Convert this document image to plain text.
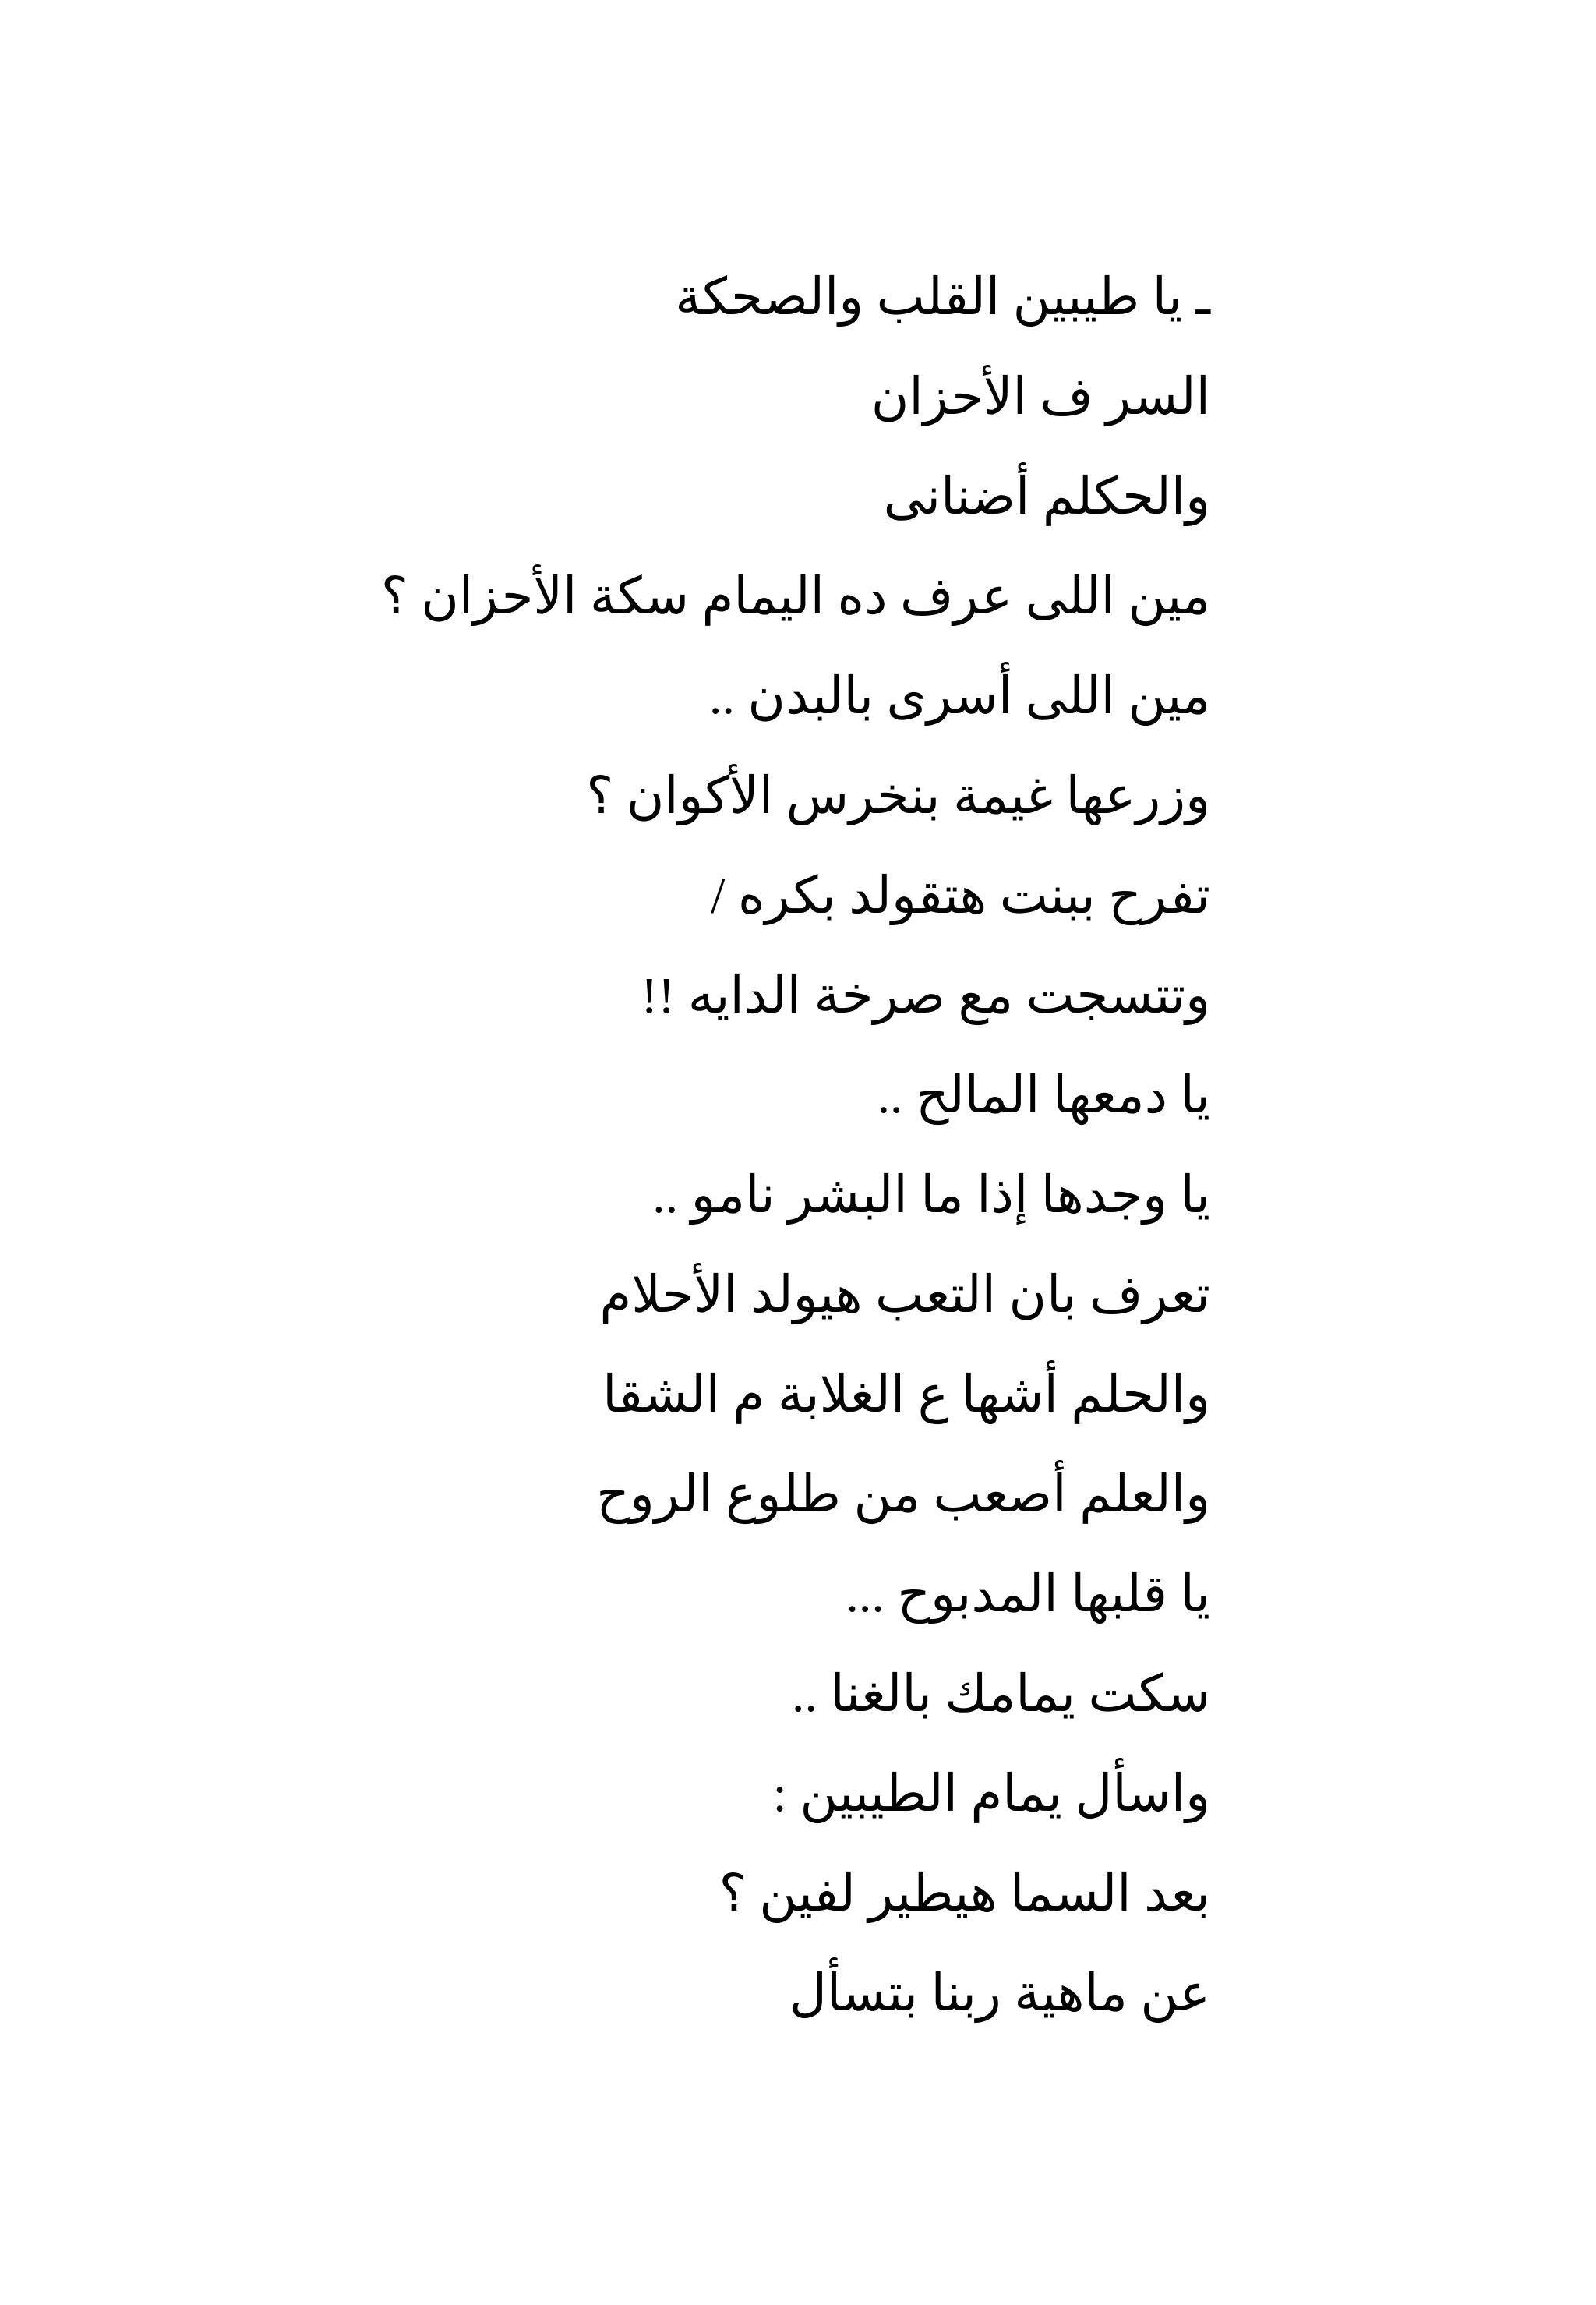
ـ يا طيبين القلب والصحكة
السر ف الأحزان
والحكلم أضنانى
مين اللى عرف ده اليمام سكة الأحزان ؟
مين اللى أسرى بالبدن ..
وزرعها غيمة بنخرس الأكوان ؟
تفرح ببنت هتقولد بكره /
وتتسجت مع صرخة الدايه !!
يا دمعها المالح ..
يا وجدها إذا ما البشر نامو ..
تعرف بان التعب هيولد الأحلام
والحلم أشها ع الغلابة م الشقا
والعلم أصعب من طلوع الروح
يا قلبها المدبوح ...
سكت يمامك بالغنا ..
واسأل يمام الطيبين :
بعد السما هيطير لفين ؟
عن ماهية ربنا بتسأل
